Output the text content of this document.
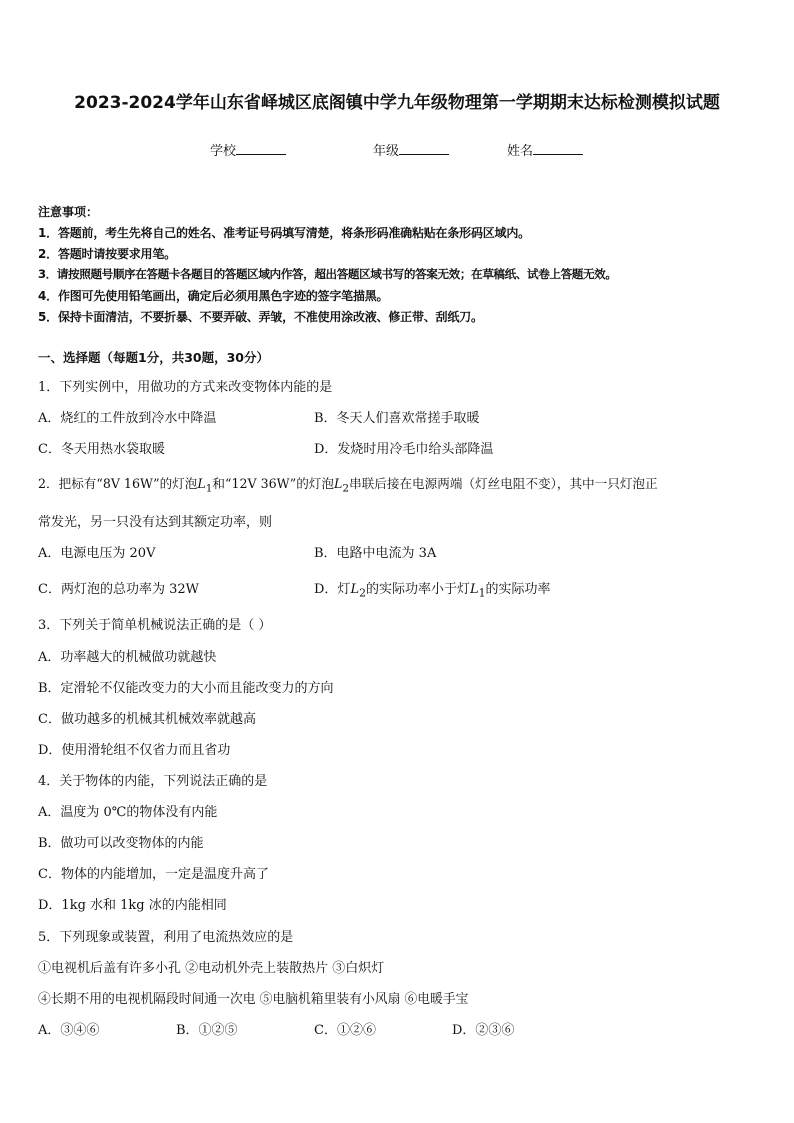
2023-2024学年山东省峄城区底阁镇中学九年级物理第一学期期末达标检测模拟试题
学校	年级	姓名
注意事项：
1．答题前，考生先将自己的姓名、准考证号码填写清楚，将条形码准确粘贴在条形码区域内。
2．答题时请按要求用笔。
3．请按照题号顺序在答题卡各题目的答题区域内作答，超出答题区域书写的答案无效；在草稿纸、试卷上答题无效。
4．作图可先使用铅笔画出，确定后必须用黑色字迹的签字笔描黑。
5．保持卡面清洁，不要折暴、不要弄破、弄皱，不准使用涂改液、修正带、刮纸刀。
一、选择题（每题1分，共30题，30分）
1．下列实例中，用做功的方式来改变物体内能的是
A．烧红的工件放到冷水中降温	B．冬天人们喜欢常搓手取暖
C．冬天用热水袋取暖	D．发烧时用冷毛巾给头部降温
2．把标有“8V 16W”的灯泡$L_1$和“12V 36W”的灯泡$L_2$串联后接在电源两端（灯丝电阻不变），其中一只灯泡正
常发光，另一只没有达到其额定功率，则
A．电源电压为 20V	B．电路中电流为 3A
C．两灯泡的总功率为 32W	D．灯$L_2$的实际功率小于灯$L_1$的实际功率
3．下列关于简单机械说法正确的是（ ）
A．功率越大的机械做功就越快
B．定滑轮不仅能改变力的大小而且能改变力的方向
C．做功越多的机械其机械效率就越高
D．使用滑轮组不仅省力而且省功
4．关于物体的内能，下列说法正确的是
A．温度为 0℃的物体没有内能
B．做功可以改变物体的内能
C．物体的内能增加，一定是温度升高了
D．1kg 水和 1kg 冰的内能相同
5．下列现象或装置，利用了电流热效应的是
①电视机后盖有许多小孔 ②电动机外壳上装散热片 ③白炽灯
④长期不用的电视机隔段时间通一次电 ⑤电脑机箱里装有小风扇 ⑥电暖手宝
A．③④⑥	B．①②⑤	C．①②⑥	D．②③⑥
